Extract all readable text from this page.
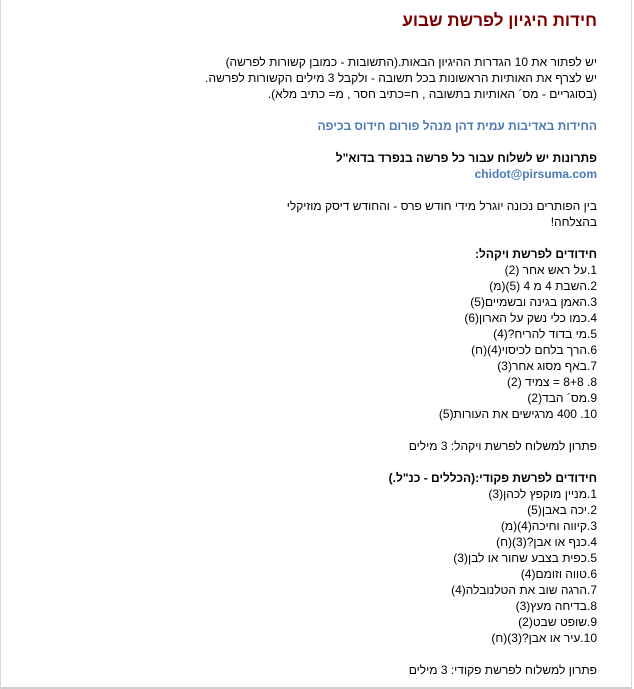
חידות היגיון לפרשת שבוע
יש לפתור את 10 הגדרות ההיגיון הבאות.(התשובות - כמובן קשורות לפרשה)
יש לצרף את האותיות הראשונות בכל תשובה - ולקבל 3 מילים הקשורות לפרשה.
(בסוגריים - מס´ האותיות בתשובה , ח=כתיב חסר , מ= כתיב מלא).
החידות באדיבות עמית דהן מנהל פורום חידוס בכיפה
פתרונות יש לשלוח עבור כל פרשה בנפרד בדוא"ל
chidot@pirsuma.com
בין הפותרים נכונה יוגרל מידי חודש פרס - והחודש דיסק מוזיקלי
בהצלחה!
חידודים לפרשת ויקהל:
1.על ראש אחר (2)
2.השבת 4 מ 4 (5)(מ)
3.האמן בגינה ובשמיים(5)
4.כמו כלי נשק על הארון(6)
5.מי בדוד להריח?(4)
6.הרך בלחם לכיסוי(4)(ח)
7.באף מסוג אחר(3)
8. 8+8 = צמיד (2)
9.מס´ הבד(2)
10. 400 מרגישים את העורות(5)
פתרון למשלוח לפרשת ויקהל: 3 מילים
חידודים לפרשת פקודי:(הכללים - כנ"ל.)
1.מניין מוקפץ לכהן(3)
2.יכה באבן(5)
3.קיווה וחיכה(4)(מ)
4.כנף או אבן?(3)(ח)
5.כפית בצבע שחור או לבן(3)
6.טווה וזומם(4)
7.הרגה שוב את הטלנובלה(4)
8.בדיחה מעץ(3)
9.שופט שבט(2)
10.עיר או אבן?(3)(ח)
פתרון למשלוח לפרשת פקודי: 3 מילים
